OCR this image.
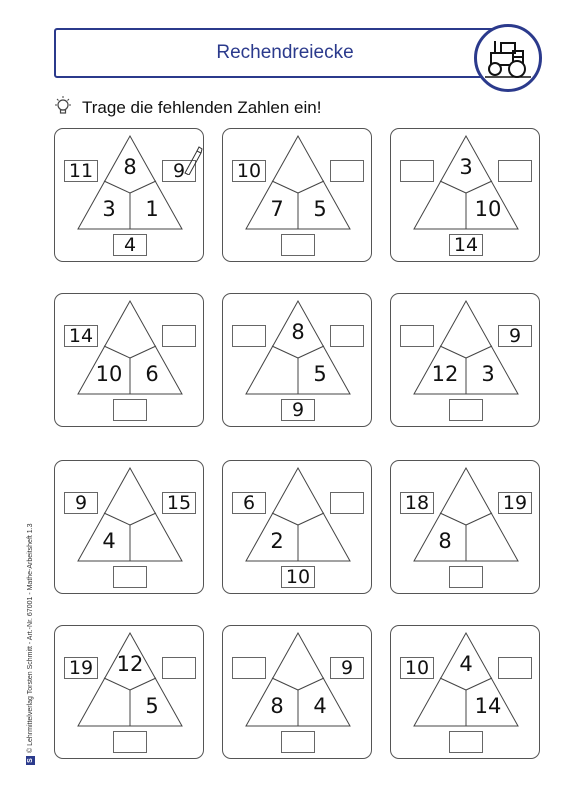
Rechendreiecke
Trage die fehlenden Zahlen ein!
11	9
4
8
3	1
10
7	5
14
3
10
14
10	6
9
8
5
9
12	3
9	15
4
6
10
2
18	19
8
19	12
5
9
8	4
10	4
14
S
© Lehrmittelverlag Torsten Schmitt - Art.-Nr. 67001 - Mathe-Arbeitsheft 1.3
